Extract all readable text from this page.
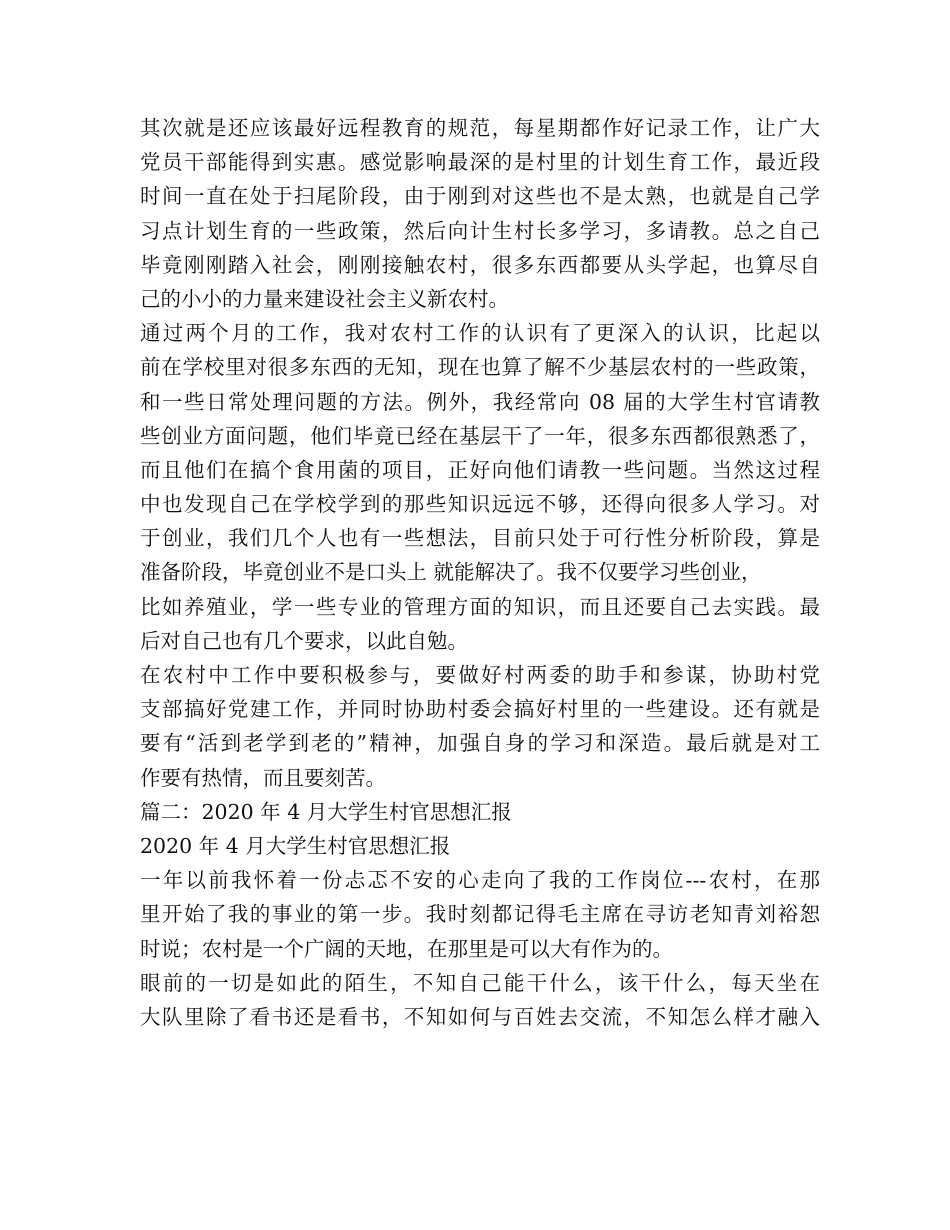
其次就是还应该最好远程教育的规范，每星期都作好记录工作，让广大
党员干部能得到实惠。感觉影响最深的是村里的计划生育工作，最近段
时间一直在处于扫尾阶段，由于刚到对这些也不是太熟，也就是自己学
习点计划生育的一些政策，然后向计生村长多学习，多请教。总之自己
毕竟刚刚踏入社会，刚刚接触农村，很多东西都要从头学起，也算尽自
己的小小的力量来建设社会主义新农村。
通过两个月的工作，我对农村工作的认识有了更深入的认识，比起以
前在学校里对很多东西的无知，现在也算了解不少基层农村的一些政策，
和一些日常处理问题的方法。例外，我经常向 08 届的大学生村官请教
些创业方面问题，他们毕竟已经在基层干了一年，很多东西都很熟悉了，
而且他们在搞个食用菌的项目，正好向他们请教一些问题。当然这过程
中也发现自己在学校学到的那些知识远远不够，还得向很多人学习。对
于创业，我们几个人也有一些想法，目前只处于可行性分析阶段，算是
准备阶段，毕竟创业不是口头上 就能解决了。我不仅要学习些创业，
比如养殖业，学一些专业的管理方面的知识，而且还要自己去实践。最
后对自己也有几个要求，以此自勉。
在农村中工作中要积极参与，要做好村两委的助手和参谋，协助村党
支部搞好党建工作，并同时协助村委会搞好村里的一些建设。还有就是
要有“活到老学到老的”精神，加强自身的学习和深造。最后就是对工
作要有热情，而且要刻苦。
篇二：2020 年 4 月大学生村官思想汇报
2020 年 4 月大学生村官思想汇报
一年以前我怀着一份忐忑不安的心走向了我的工作岗位---农村，在那
里开始了我的事业的第一步。我时刻都记得毛主席在寻访老知青刘裕恕
时说；农村是一个广阔的天地，在那里是可以大有作为的。
眼前的一切是如此的陌生，不知自己能干什么，该干什么，每天坐在
大队里除了看书还是看书，不知如何与百姓去交流，不知怎么样才融入
